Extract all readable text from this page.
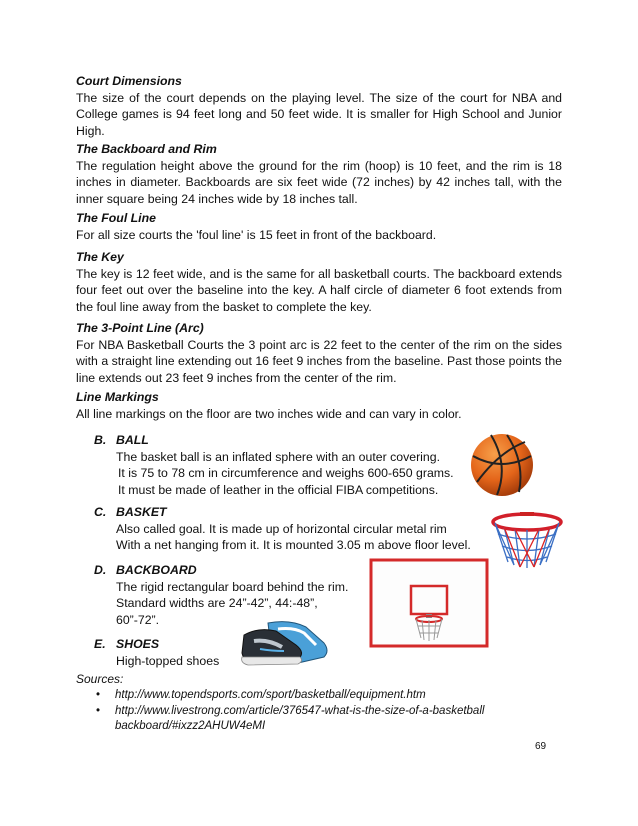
Court Dimensions

The size of the court depends on the playing level. The size of the court for NBA and College games is 94 feet long and 50 feet wide. It is smaller for High School and Junior High.

The Backboard and Rim

The regulation height above the ground for the rim (hoop) is 10 feet, and the rim is 18 inches in diameter. Backboards are six feet wide (72 inches) by 42 inches tall, with the inner square being 24 inches wide by 18 inches tall.

The Foul Line

For all size courts the 'foul line' is 15 feet in front of the backboard.

The Key

The key is 12 feet wide, and is the same for all basketball courts. The backboard extends four feet out over the baseline into the key. A half circle of diameter 6 foot extends from the foul line away from the basket to complete the key.

The 3-Point Line (Arc)

For NBA Basketball Courts the 3 point arc is 22 feet to the center of the rim on the sides with a straight line extending out 16 feet 9 inches from the baseline. Past those points the line extends out 23 feet 9 inches from the center of the rim.

Line Markings

All line markings on the floor are two inches wide and can vary in color.

B. BALL
The basket ball is an inflated sphere with an outer covering.
It is 75 to 78 cm in circumference and weighs 600-650 grams.
It must be made of leather in the official FIBA competitions.
C. BASKET
Also called goal. It is made up of horizontal circular metal rim
With a net hanging from it. It is mounted 3.05 m above floor level.
D. BACKBOARD
The rigid rectangular board behind the rim.
Standard widths are 24”-42”, 44:-48”,
60”-72”.
E. SHOES
High-topped shoes
Sources:
• http://www.topendsports.com/sport/basketball/equipment.htm
• http://www.livestrong.com/article/376547-what-is-the-size-of-a-basketball backboard/#ixzz2AHUW4eMI
69
